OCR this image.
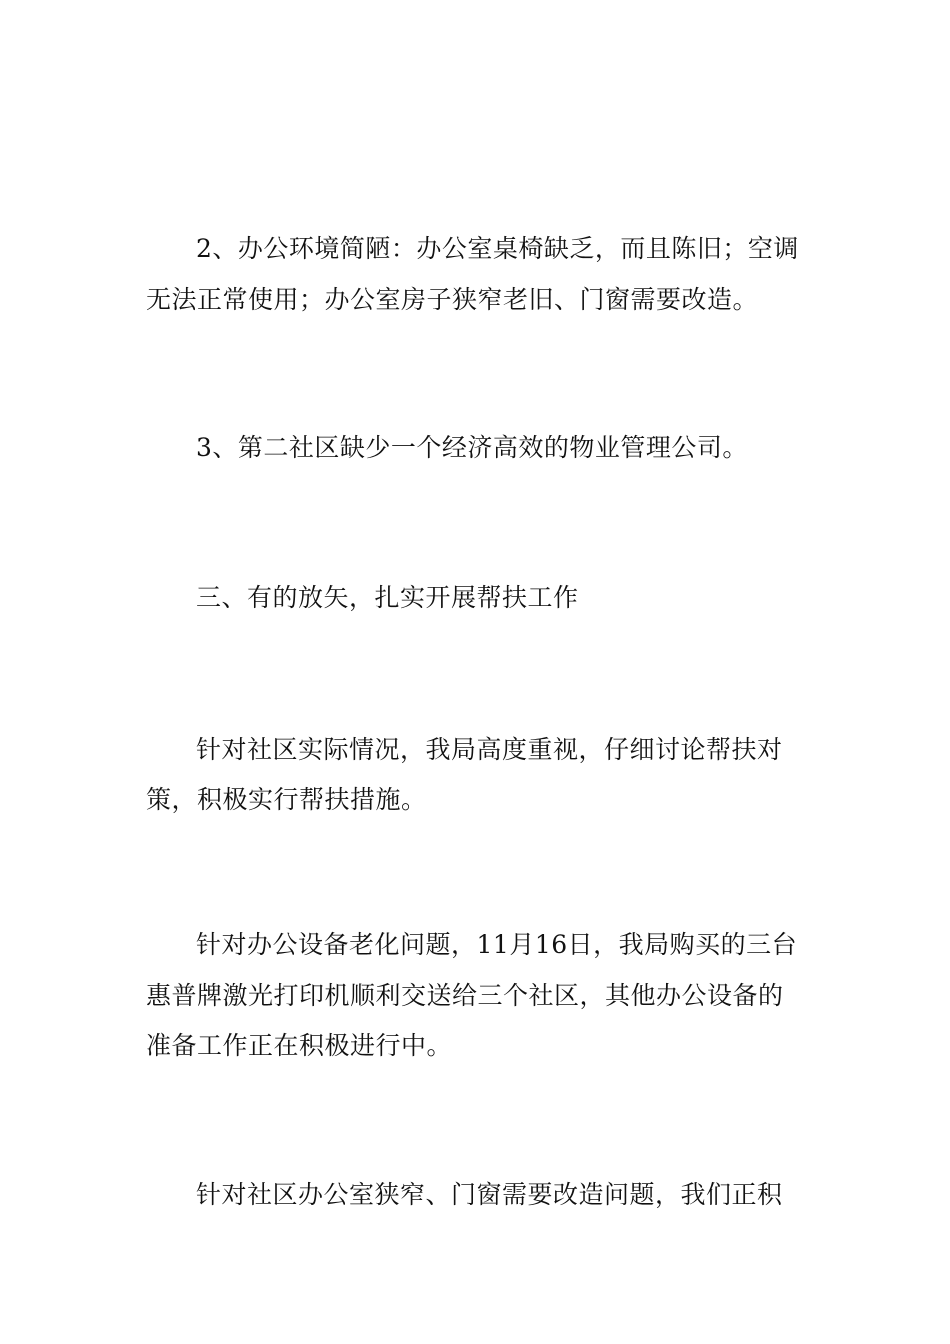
2、办公环境简陋：办公室桌椅缺乏，而且陈旧；空调
无法正常使用；办公室房子狭窄老旧、门窗需要改造。
3、第二社区缺少一个经济高效的物业管理公司。
三、有的放矢，扎实开展帮扶工作
针对社区实际情况，我局高度重视，仔细讨论帮扶对
策，积极实行帮扶措施。
针对办公设备老化问题，11月16日，我局购买的三台
惠普牌激光打印机顺利交送给三个社区，其他办公设备的
准备工作正在积极进行中。
针对社区办公室狭窄、门窗需要改造问题，我们正积
